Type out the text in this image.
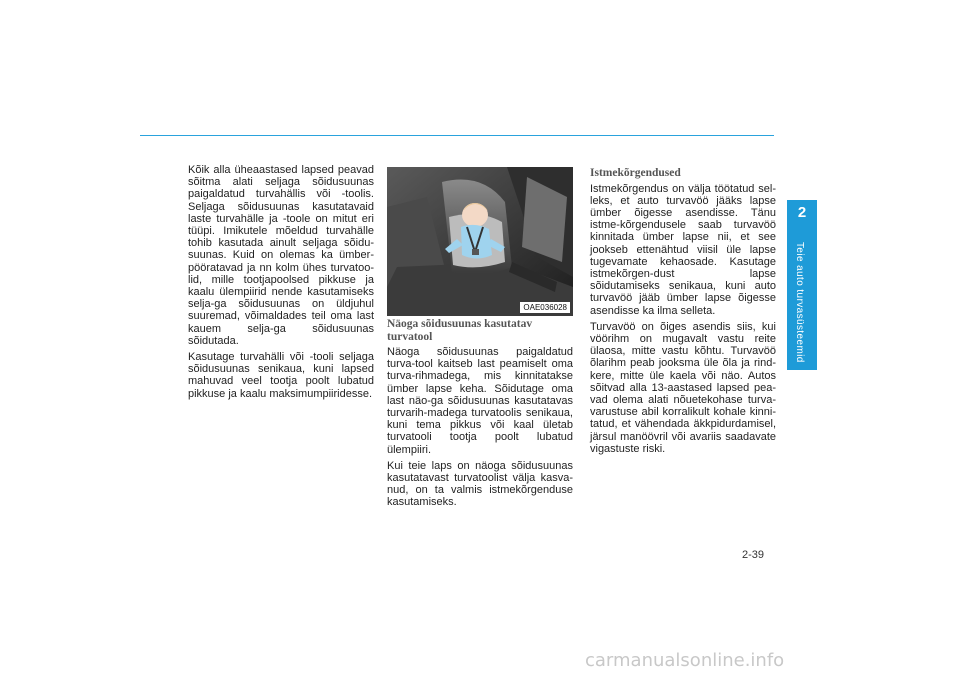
2
Teie auto turvasüsteemid

Kõik alla üheaastased lapsed peavad sõitma alati seljaga sõidusuunas paigaldatud turvahällis või -toolis. Seljaga sõidusuunas kasutatavaid laste turvahälle ja -toole on mitut eri tüüpi. Imikutele mõeldud turvahälle tohib kasutada ainult seljaga sõidu-suunas. Kuid on olemas ka ümber-pööratavad ja nn kolm ühes turvatoo-lid, mille tootjapoolsed pikkuse ja kaalu ülempiirid nende kasutamiseks selja-ga sõidusuunas on üldjuhul suuremad, võimaldades teil oma last kauem selja-ga sõidusuunas sõidutada.

Kasutage turvahälli või -tooli seljaga sõidusuunas senikaua, kuni lapsed mahuvad veel tootja poolt lubatud pikkuse ja kaalu maksimumpiiridesse.

OAE036028
Näoga sõidusuunas kasutatav turvatool

Näoga sõidusuunas paigaldatud turva-tool kaitseb last peamiselt oma turva-rihmadega, mis kinnitatakse ümber lapse keha. Sõidutage oma last näo-ga sõidusuunas kasutatavas turvarih-madega turvatoolis senikaua, kuni tema pikkus või kaal ületab turvatooli tootja poolt lubatud ülempiiri.

Kui teie laps on näoga sõidusuunas kasutatavast turvatoolist välja kasva-nud, on ta valmis istmekõrgenduse kasutamiseks.

Istmekõrgendused

Istmekõrgendus on välja töötatud sel-leks, et auto turvavöö jääks lapse ümber õigesse asendisse. Tänu istme-kõrgendusele saab turvavöö kinnitada ümber lapse nii, et see jookseb ettenähtud viisil üle lapse tugevamate kehaosade. Kasutage istmekõrgen-dust lapse sõidutamiseks senikaua, kuni auto turvavöö jääb ümber lapse õigesse asendisse ka ilma selleta.

Turvavöö on õiges asendis siis, kui vöörihm on mugavalt vastu reite ülaosa, mitte vastu kõhtu. Turvavöö õlarihm peab jooksma üle õla ja rind-kere, mitte üle kaela või näo. Autos sõitvad alla 13-aastased lapsed pea-vad olema alati nõuetekohase turva-varustuse abil korralikult kohale kinni-tatud, et vähendada äkkpidurdamisel, järsul manöövril või avariis saadavate vigastuste riski.

2-39
carmanualsonline.info
